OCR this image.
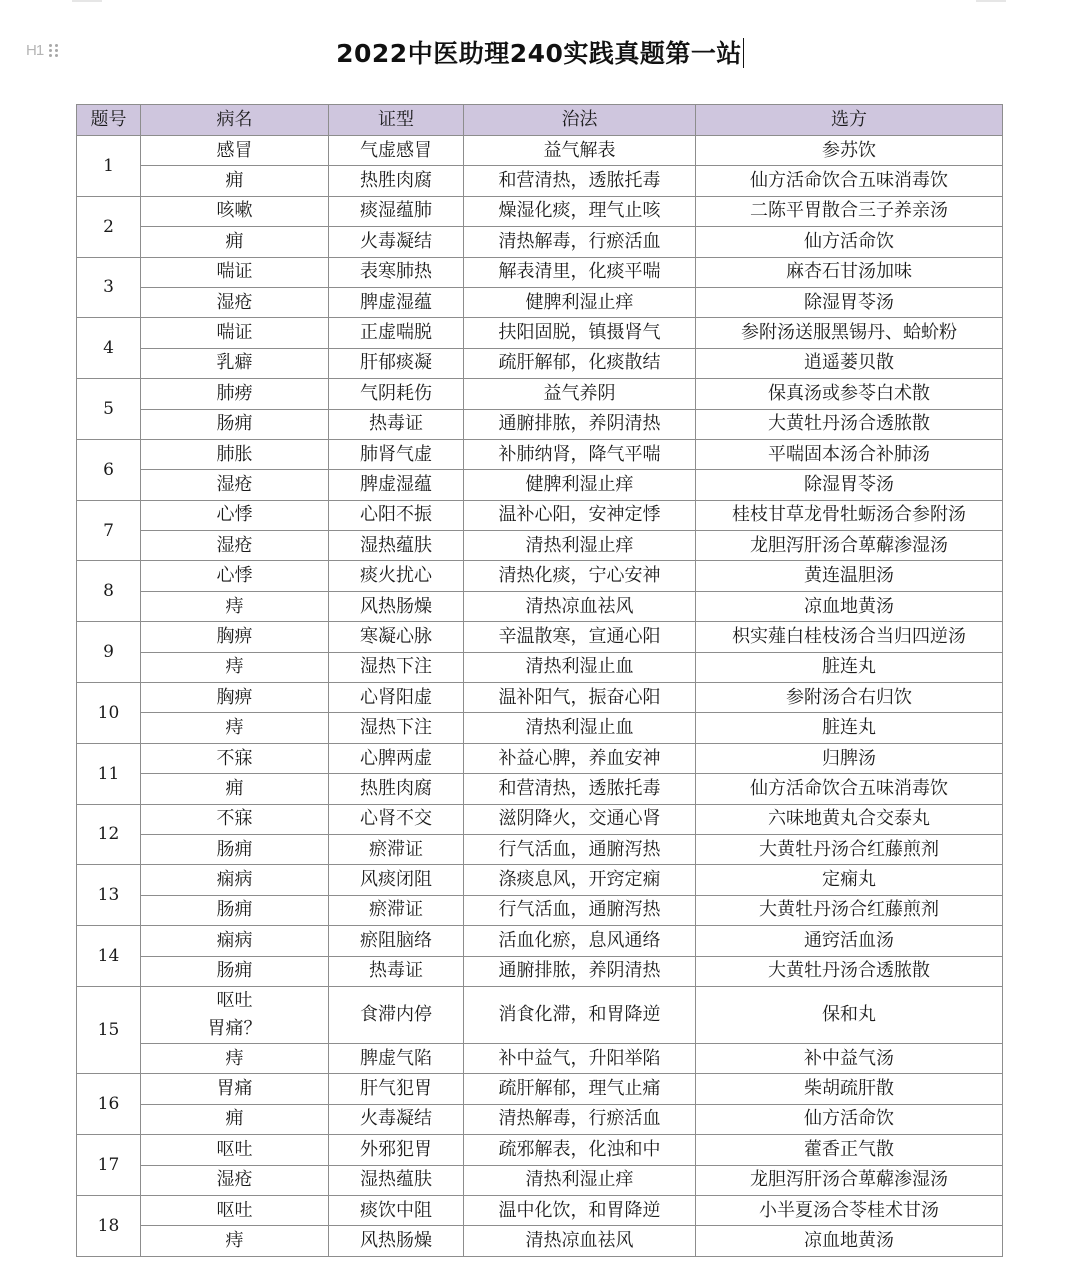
H1	2022中医助理240实践真题第一站
题号	病名	证型	治法	选方
1	感冒	气虚感冒	益气解表	参苏饮
	痈	热胜肉腐	和营清热，透脓托毒	仙方活命饮合五味消毒饮
2	咳嗽	痰湿蕴肺	燥湿化痰，理气止咳	二陈平胃散合三子养亲汤
	痈	火毒凝结	清热解毒，行瘀活血	仙方活命饮
3	喘证	表寒肺热	解表清里，化痰平喘	麻杏石甘汤加味
	湿疮	脾虚湿蕴	健脾利湿止痒	除湿胃苓汤
4	喘证	正虚喘脱	扶阳固脱，镇摄肾气	参附汤送服黑锡丹、蛤蚧粉
	乳癖	肝郁痰凝	疏肝解郁，化痰散结	逍遥蒌贝散
5	肺痨	气阴耗伤	益气养阴	保真汤或参苓白术散
	肠痈	热毒证	通腑排脓，养阴清热	大黄牡丹汤合透脓散
6	肺胀	肺肾气虚	补肺纳肾，降气平喘	平喘固本汤合补肺汤
	湿疮	脾虚湿蕴	健脾利湿止痒	除湿胃苓汤
7	心悸	心阳不振	温补心阳，安神定悸	桂枝甘草龙骨牡蛎汤合参附汤
	湿疮	湿热蕴肤	清热利湿止痒	龙胆泻肝汤合萆薢渗湿汤
8	心悸	痰火扰心	清热化痰，宁心安神	黄连温胆汤
	痔	风热肠燥	清热凉血祛风	凉血地黄汤
9	胸痹	寒凝心脉	辛温散寒，宣通心阳	枳实薤白桂枝汤合当归四逆汤
	痔	湿热下注	清热利湿止血	脏连丸
10	胸痹	心肾阳虚	温补阳气，振奋心阳	参附汤合右归饮
	痔	湿热下注	清热利湿止血	脏连丸
11	不寐	心脾两虚	补益心脾，养血安神	归脾汤
	痈	热胜肉腐	和营清热，透脓托毒	仙方活命饮合五味消毒饮
12	不寐	心肾不交	滋阴降火，交通心肾	六味地黄丸合交泰丸
	肠痈	瘀滞证	行气活血，通腑泻热	大黄牡丹汤合红藤煎剂
13	痫病	风痰闭阻	涤痰息风，开窍定痫	定痫丸
	肠痈	瘀滞证	行气活血，通腑泻热	大黄牡丹汤合红藤煎剂
14	痫病	瘀阻脑络	活血化瘀，息风通络	通窍活血汤
	肠痈	热毒证	通腑排脓，养阴清热	大黄牡丹汤合透脓散
15	呕吐
胃痛？	食滞内停	消食化滞，和胃降逆	保和丸
	痔	脾虚气陷	补中益气，升阳举陷	补中益气汤
16	胃痛	肝气犯胃	疏肝解郁，理气止痛	柴胡疏肝散
	痈	火毒凝结	清热解毒，行瘀活血	仙方活命饮
17	呕吐	外邪犯胃	疏邪解表，化浊和中	藿香正气散
	湿疮	湿热蕴肤	清热利湿止痒	龙胆泻肝汤合萆薢渗湿汤
18	呕吐	痰饮中阻	温中化饮，和胃降逆	小半夏汤合苓桂术甘汤
	痔	风热肠燥	清热凉血祛风	凉血地黄汤
